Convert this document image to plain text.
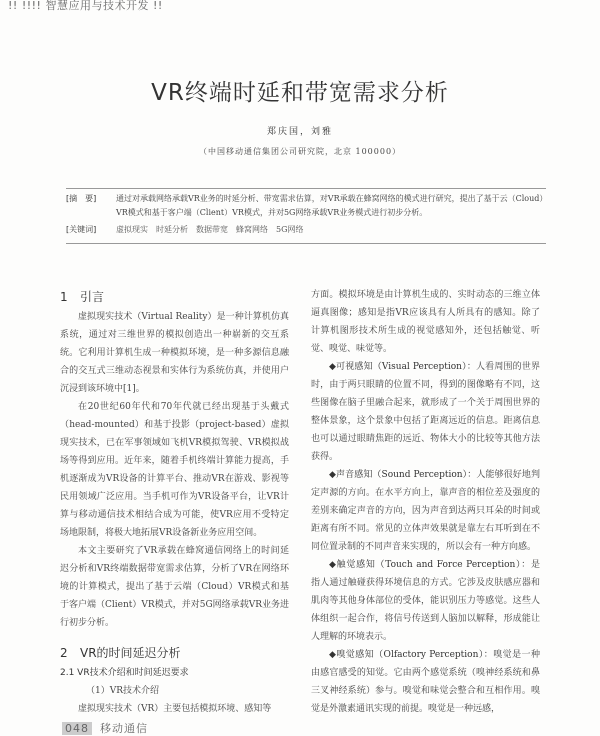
!! !!!! 智慧应用与技术开发 !!
VR终端时延和带宽需求分析
郑庆国，刘雅
（中国移动通信集团公司研究院，北京 100000）
[摘　要] 通过对承载网络承载VR业务的时延分析、带宽需求估算，对VR承载在蜂窝网络的模式进行研究，提出了基于云（Cloud）VR模式和基于客户端（Client）VR模式，并对5G网络承载VR业务模式进行初步分析。
[关键词] 虚拟现实　时延分析　数据带宽　蜂窝网络　5G网络
1 引言

虚拟现实技术（Virtual Reality）是一种计算机仿真系统，通过对三维世界的模拟创造出一种崭新的交互系统。它利用计算机生成一种模拟环境，是一种多源信息融合的交互式三维动态视景和实体行为系统仿真，并使用户沉浸到该环境中[1]。

在20世纪60年代和70年代就已经出现基于头戴式（head-mounted）和基于投影（project-based）虚拟现实技术，已在军事领域如飞机VR模拟驾驶、VR模拟战场等得到应用。近年来，随着手机终端计算能力提高，手机逐渐成为VR设备的计算平台、推动VR在游戏、影视等民用领域广泛应用。当手机可作为VR设备平台，让VR计算与移动通信技术相结合成为可能，使VR应用不受特定场地限制，将极大地拓展VR设备新业务应用空间。

本文主要研究了VR承载在蜂窝通信网络上的时间延迟分析和VR终端数据带宽需求估算，分析了VR在网络环境的计算模式，提出了基于云端（Cloud）VR模式和基于客户端（Client）VR模式，并对5G网络承载VR业务进行初步分析。

2 VR的时间延迟分析
2.1 VR技术介绍和时间延迟要求
（1）VR技术介绍

虚拟现实技术（VR）主要包括模拟环境、感知等

方面。模拟环境是由计算机生成的、实时动态的三维立体逼真图像；感知是指VR应该具有人所具有的感知。除了计算机图形技术所生成的视觉感知外，还包括触觉、听觉、嗅觉、味觉等。

◆可视感知（Visual Perception）：人看周围的世界时，由于两只眼睛的位置不同，得到的图像略有不同，这些图像在脑子里融合起来，就形成了一个关于周围世界的整体景象，这个景象中包括了距离远近的信息。距离信息也可以通过眼睛焦距的远近、物体大小的比较等其他方法获得。

◆声音感知（Sound Perception）：人能够很好地判定声源的方向。在水平方向上，靠声音的相位差及强度的差别来确定声音的方向，因为声音到达两只耳朵的时间或距离有所不同。常见的立体声效果就是靠左右耳听到在不同位置录制的不同声音来实现的，所以会有一种方向感。

◆触觉感知（Touch and Force Perception）：是指人通过触碰获得环境信息的方式。它涉及皮肤感应器和肌肉等其他身体部位的受体，能识别压力等感觉。这些人体组织一起合作，将信号传送到人脑加以解释，形成能让人理解的环境表示。

◆嗅觉感知（Olfactory Perception）：嗅觉是一种由感官感受的知觉。它由两个感觉系统（嗅神经系统和鼻三叉神经系统）参与。嗅觉和味觉会整合和互相作用。嗅觉是外激素通讯实现的前提。嗅觉是一种远感，

048 移动通信
